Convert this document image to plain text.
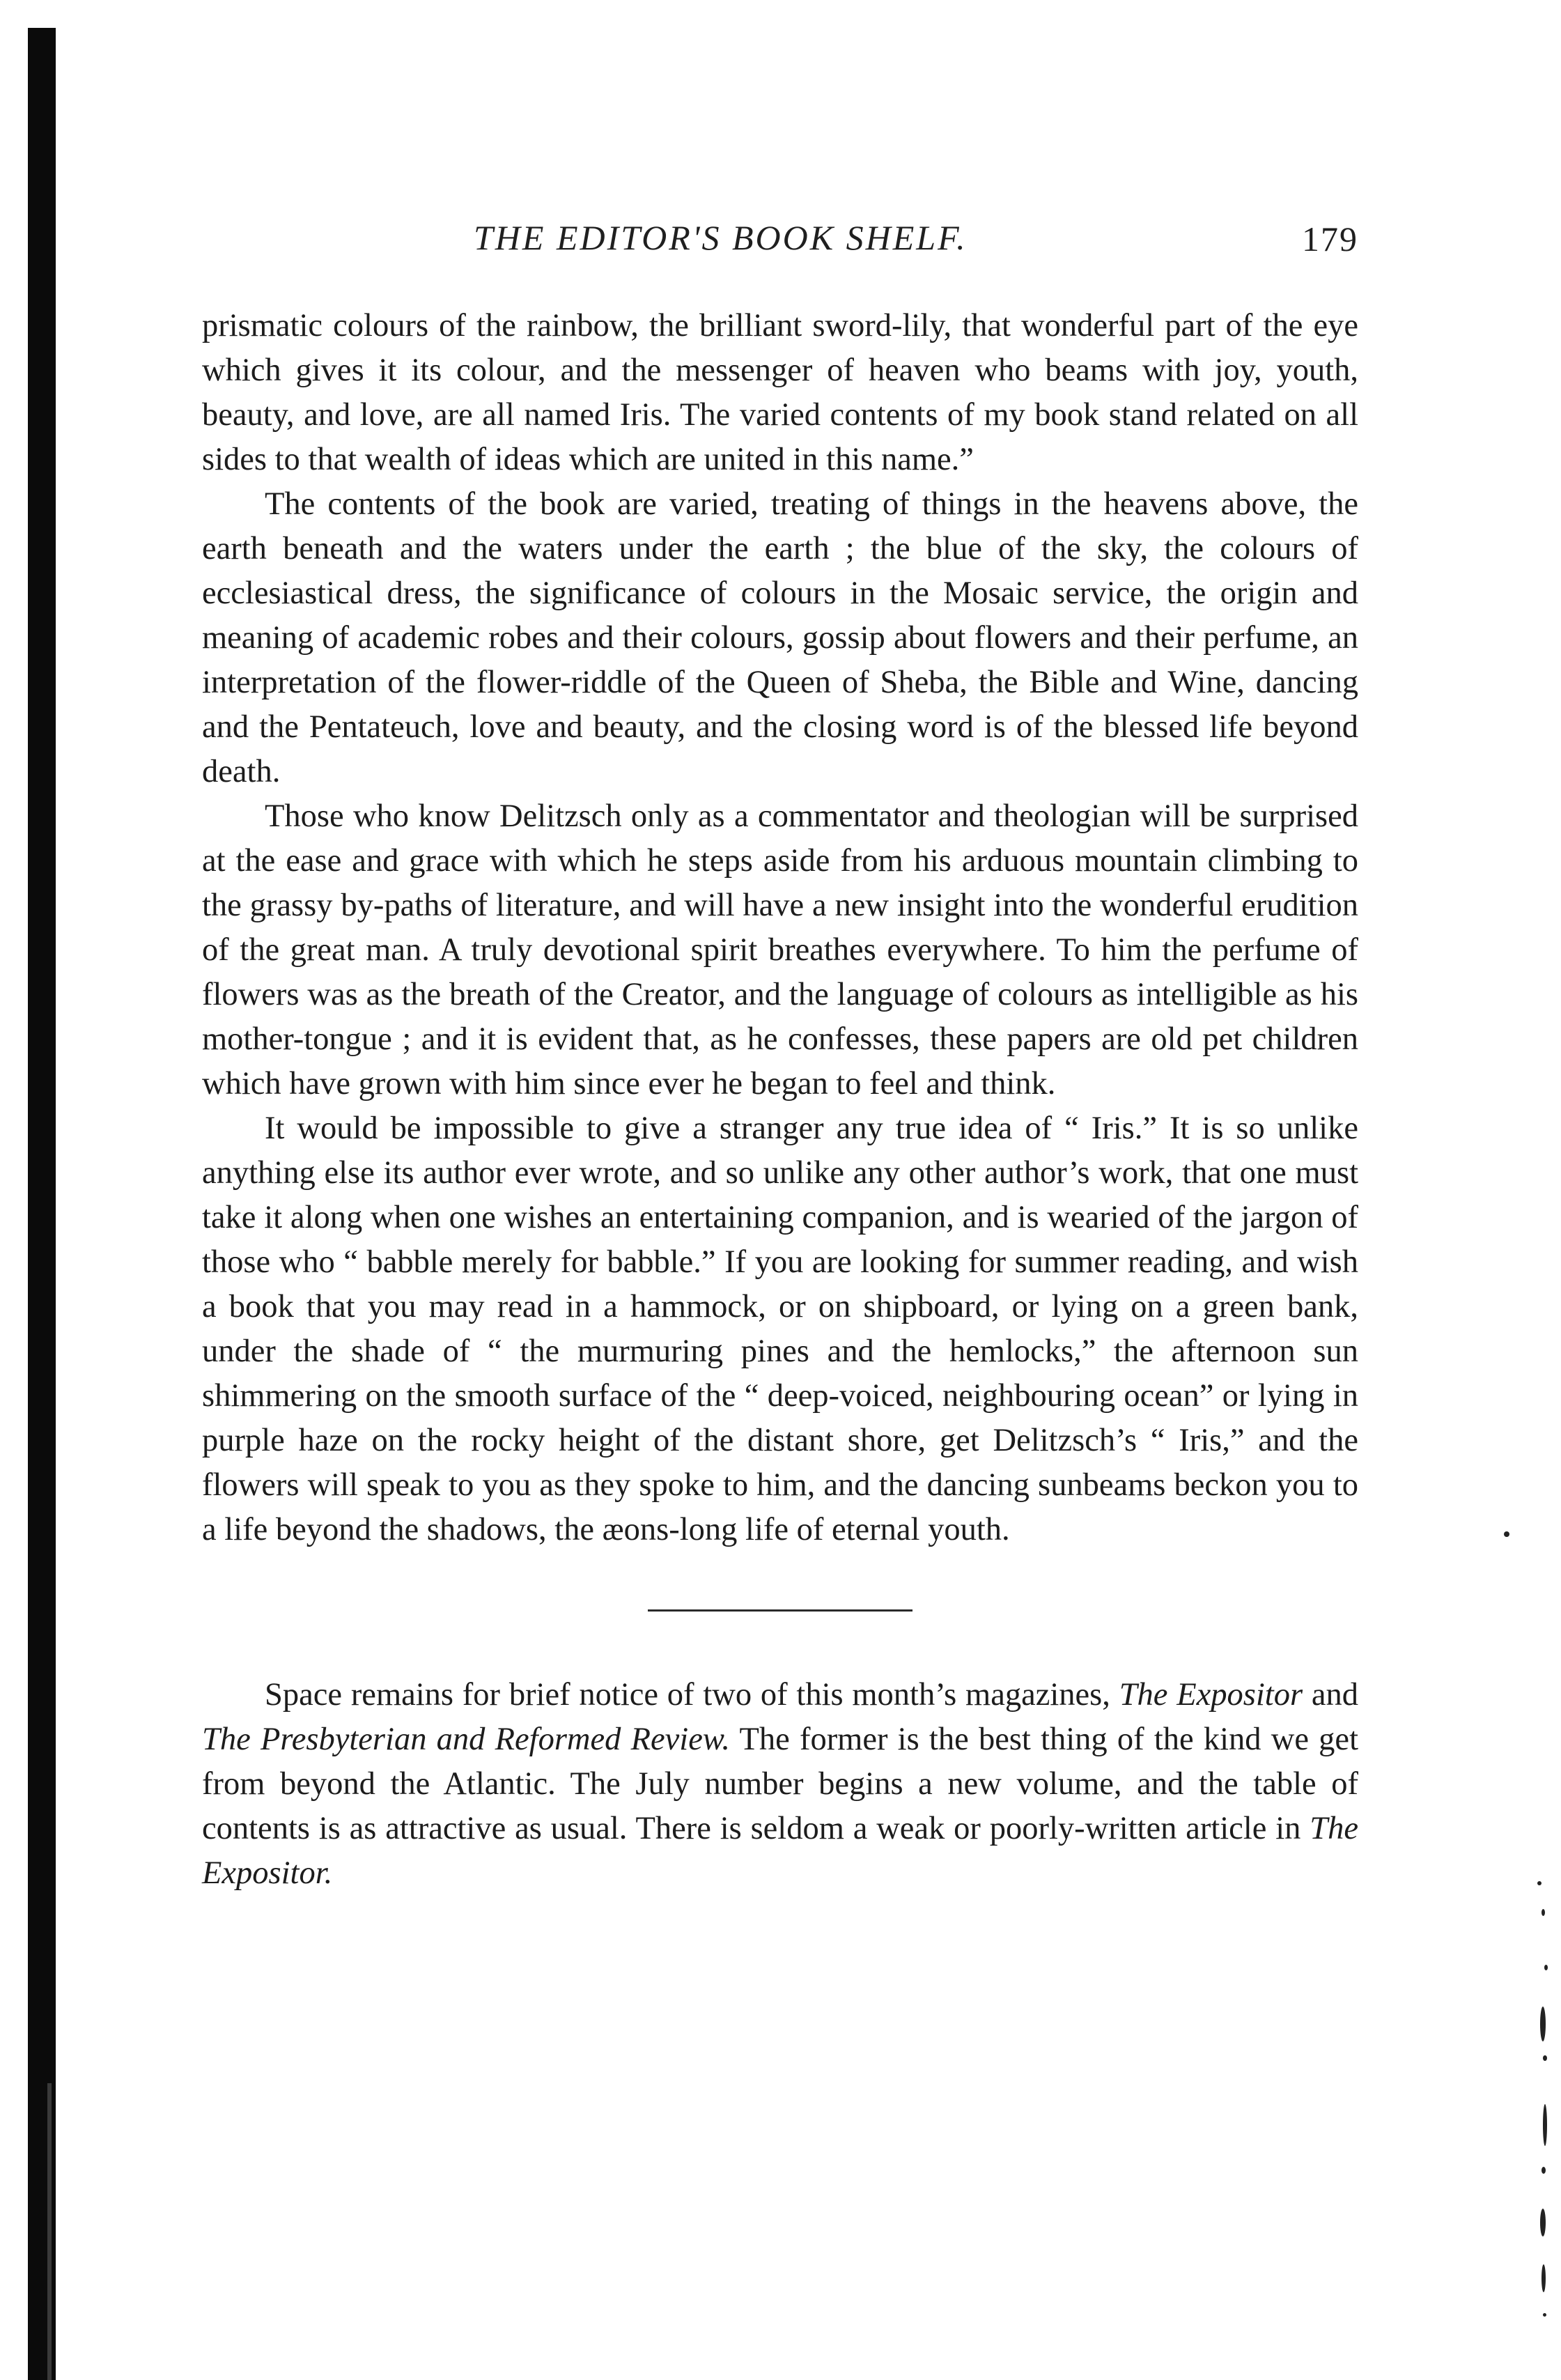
THE EDITOR'S BOOK SHELF.	179

prismatic colours of the rainbow, the brilliant sword-lily, that wonderful part of the eye which gives it its colour, and the messenger of heaven who beams with joy, youth, beauty, and love, are all named Iris. The varied contents of my book stand related on all sides to that wealth of ideas which are united in this name.”

The contents of the book are varied, treating of things in the heavens above, the earth beneath and the waters under the earth ; the blue of the sky, the colours of ecclesiastical dress, the significance of colours in the Mosaic service, the origin and meaning of academic robes and their colours, gossip about flowers and their perfume, an interpretation of the flower-riddle of the Queen of Sheba, the Bible and Wine, dancing and the Pentateuch, love and beauty, and the closing word is of the blessed life beyond death.

Those who know Delitzsch only as a commentator and theologian will be surprised at the ease and grace with which he steps aside from his arduous mountain climbing to the grassy by-paths of literature, and will have a new insight into the wonderful erudition of the great man. A truly devotional spirit breathes everywhere. To him the perfume of flowers was as the breath of the Creator, and the language of colours as intelligible as his mother-tongue ; and it is evident that, as he confesses, these papers are old pet children which have grown with him since ever he began to feel and think.

It would be impossible to give a stranger any true idea of “ Iris.” It is so unlike anything else its author ever wrote, and so unlike any other author’s work, that one must take it along when one wishes an entertaining companion, and is wearied of the jargon of those who “ babble merely for babble.” If you are looking for summer reading, and wish a book that you may read in a hammock, or on shipboard, or lying on a green bank, under the shade of “ the murmuring pines and the hemlocks,” the afternoon sun shimmering on the smooth surface of the “ deep-voiced, neighbouring ocean” or lying in purple haze on the rocky height of the distant shore, get Delitzsch’s “ Iris,” and the flowers will speak to you as they spoke to him, and the dancing sunbeams beckon you to a life beyond the shadows, the æons-long life of eternal youth.

Space remains for brief notice of two of this month’s magazines, The Expositor and The Presbyterian and Reformed Review. The former is the best thing of the kind we get from beyond the Atlantic. The July number begins a new volume, and the table of contents is as attractive as usual. There is seldom a weak or poorly-written article in The Expositor.
